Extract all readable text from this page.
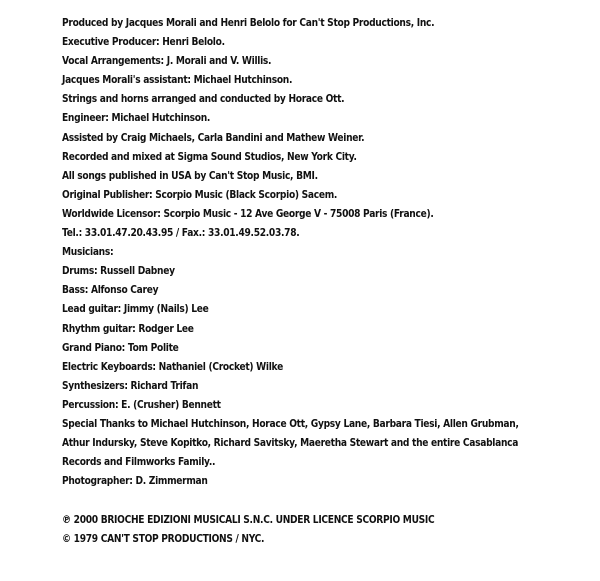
Produced by Jacques Morali and Henri Belolo for Can't Stop Productions, Inc.
Executive Producer: Henri Belolo.
Vocal Arrangements: J. Morali and V. Willis.
Jacques Morali's assistant: Michael Hutchinson.
Strings and horns arranged and conducted by Horace Ott.
Engineer: Michael Hutchinson.
Assisted by Craig Michaels, Carla Bandini and Mathew Weiner.
Recorded and mixed at Sigma Sound Studios, New York City.
All songs published in USA by Can't Stop Music, BMI.
Original Publisher: Scorpio Music (Black Scorpio) Sacem.
Worldwide Licensor: Scorpio Music - 12 Ave George V - 75008 Paris (France).
Tel.: 33.01.47.20.43.95 / Fax.: 33.01.49.52.03.78.
Musicians:
Drums: Russell Dabney
Bass: Alfonso Carey
Lead guitar: Jimmy (Nails) Lee
Rhythm guitar: Rodger Lee
Grand Piano: Tom Polite
Electric Keyboards: Nathaniel (Crocket) Wilke
Synthesizers: Richard Trifan
Percussion: E. (Crusher) Bennett
Special Thanks to Michael Hutchinson, Horace Ott, Gypsy Lane, Barbara Tiesi, Allen Grubman,
Athur Indursky, Steve Kopitko, Richard Savitsky, Maeretha Stewart and the entire Casablanca
Records and Filmworks Family..
Photographer: D. Zimmerman
℗ 2000 BRIOCHE EDIZIONI MUSICALI S.N.C. UNDER LICENCE SCORPIO MUSIC
© 1979 CAN'T STOP PRODUCTIONS / NYC.
